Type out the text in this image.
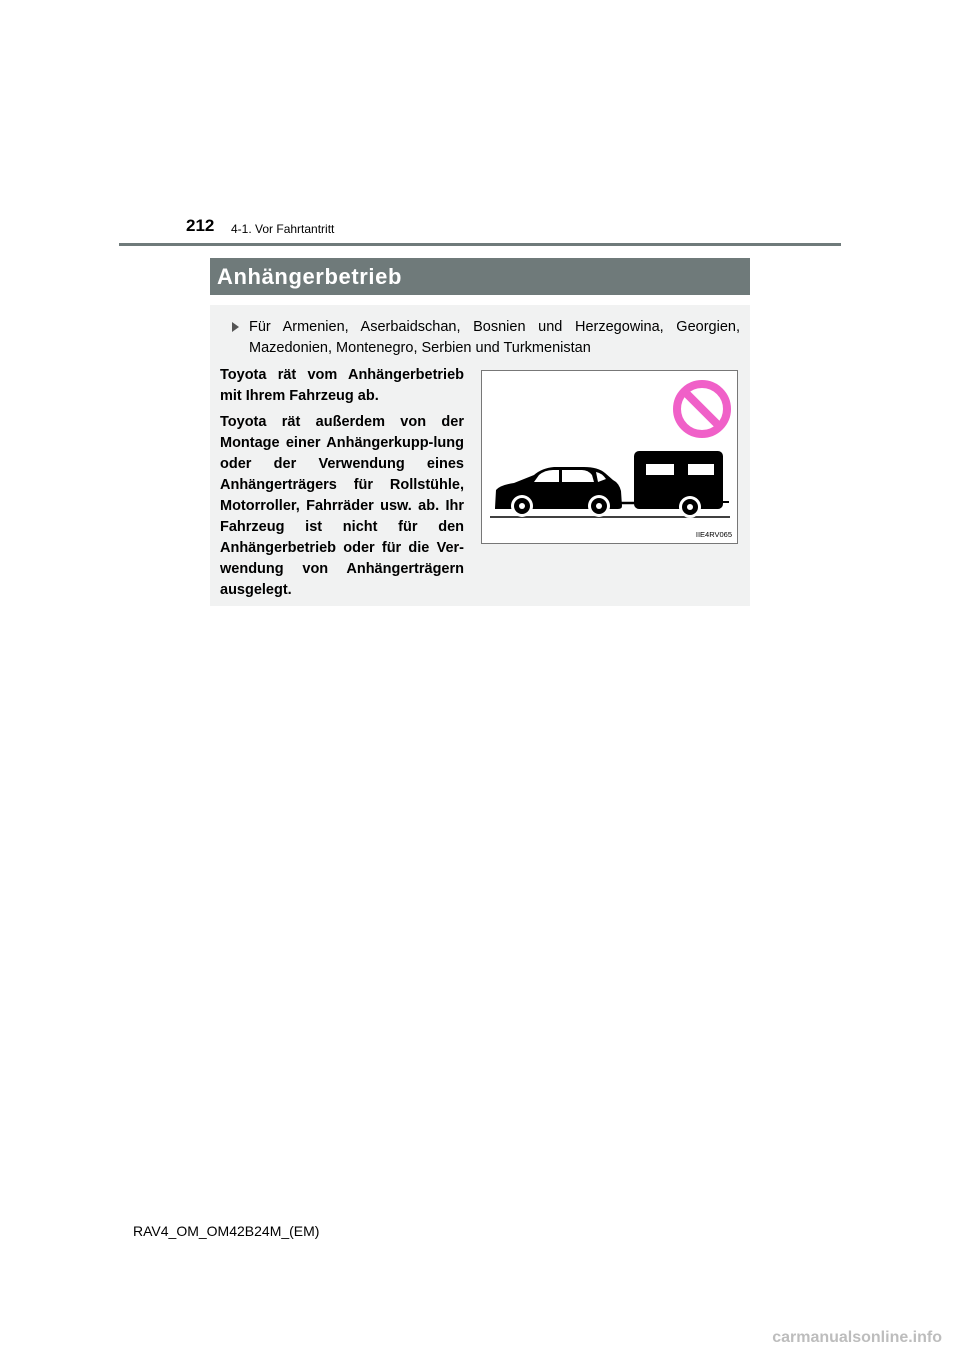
212 4-1. Vor Fahrtantritt
Anhängerbetrieb
Für Armenien, Aserbaidschan, Bosnien und Herzegowina, Georgien, Mazedonien, Montenegro, Serbien und Turkmenistan

Toyota rät vom Anhängerbetrieb mit Ihrem Fahrzeug ab.

Toyota rät außerdem von der Montage einer Anhängerkupp-lung oder der Verwendung eines Anhängerträgers für Rollstühle, Motorroller, Fahrräder usw. ab. Ihr Fahrzeug ist nicht für den Anhängerbetrieb oder für die Ver-wendung von Anhängerträgern ausgelegt.

IIE4RV065
RAV4_OM_OM42B24M_(EM)
carmanualsonline.info
